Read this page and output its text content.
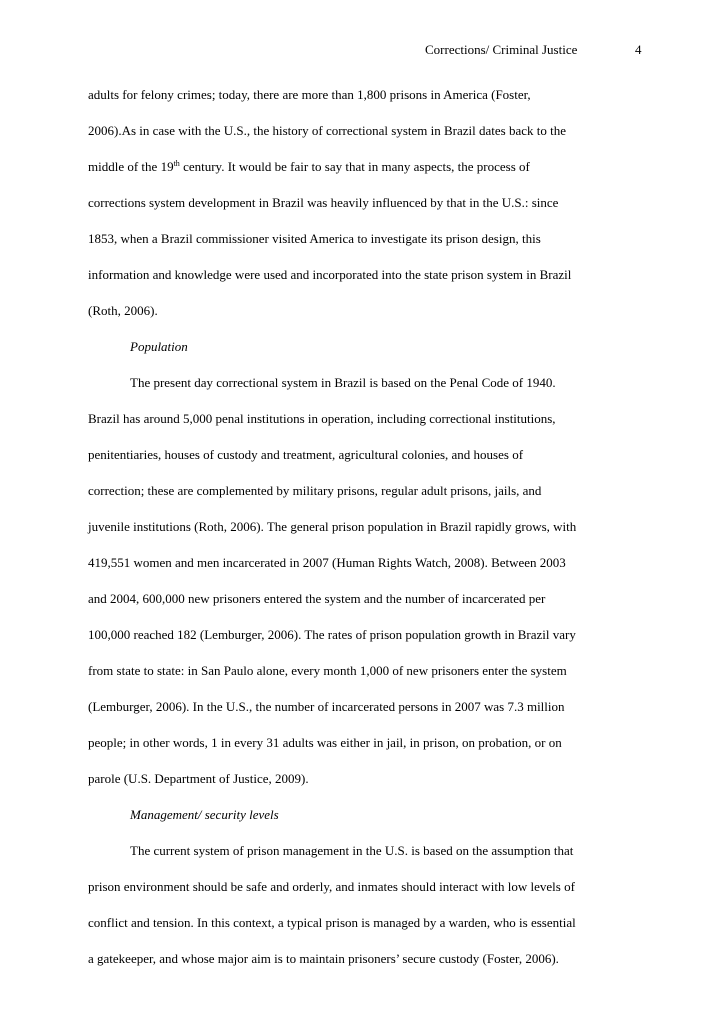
Corrections/ Criminal Justice	4
adults for felony crimes; today, there are more than 1,800 prisons in America (Foster,
2006).As in case with the U.S., the history of correctional system in Brazil dates back to the
middle of the 19th century. It would be fair to say that in many aspects, the process of
corrections system development in Brazil was heavily influenced by that in the U.S.: since
1853, when a Brazil commissioner visited America to investigate its prison design, this
information and knowledge were used and incorporated into the state prison system in Brazil
(Roth, 2006).
Population
The present day correctional system in Brazil is based on the Penal Code of 1940.
Brazil has around 5,000 penal institutions in operation, including correctional institutions,
penitentiaries, houses of custody and treatment, agricultural colonies, and houses of
correction; these are complemented by military prisons, regular adult prisons, jails, and
juvenile institutions (Roth, 2006). The general prison population in Brazil rapidly grows, with
419,551 women and men incarcerated in 2007 (Human Rights Watch, 2008). Between 2003
and 2004, 600,000 new prisoners entered the system and the number of incarcerated per
100,000 reached 182 (Lemburger, 2006). The rates of prison population growth in Brazil vary
from state to state: in San Paulo alone, every month 1,000 of new prisoners enter the system
(Lemburger, 2006). In the U.S., the number of incarcerated persons in 2007 was 7.3 million
people; in other words, 1 in every 31 adults was either in jail, in prison, on probation, or on
parole (U.S. Department of Justice, 2009).
Management/ security levels
The current system of prison management in the U.S. is based on the assumption that
prison environment should be safe and orderly, and inmates should interact with low levels of
conflict and tension. In this context, a typical prison is managed by a warden, who is essential
a gatekeeper, and whose major aim is to maintain prisoners’ secure custody (Foster, 2006).
